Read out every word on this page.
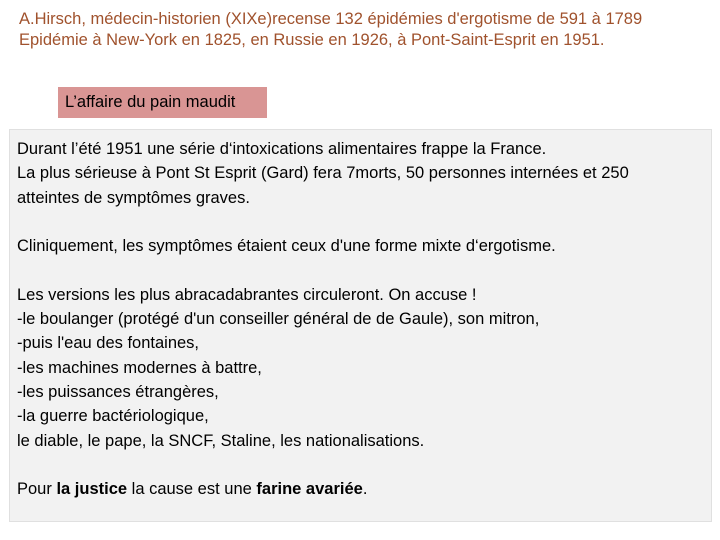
A.Hirsch, médecin-historien (XIXe)recense 132 épidémies d'ergotisme de 591 à 1789
Epidémie à New-York en 1825, en Russie en 1926, à Pont-Saint-Esprit en 1951.
L’affaire du pain maudit
Durant l’été 1951 une série d‘intoxications alimentaires frappe la France.
La plus sérieuse à Pont St Esprit (Gard) fera 7morts, 50 personnes internées et 250
atteintes de symptômes graves.
Cliniquement, les symptômes étaient ceux d'une forme mixte d‘ergotisme.
Les versions les plus abracadabrantes circuleront. On accuse !
-le boulanger (protégé d'un conseiller général de de Gaule), son mitron,
-puis l'eau des fontaines,
-les machines modernes à battre,
-les puissances étrangères,
-la guerre bactériologique,
le diable, le pape, la SNCF, Staline, les nationalisations.
Pour la justice la cause est une farine avariée.
